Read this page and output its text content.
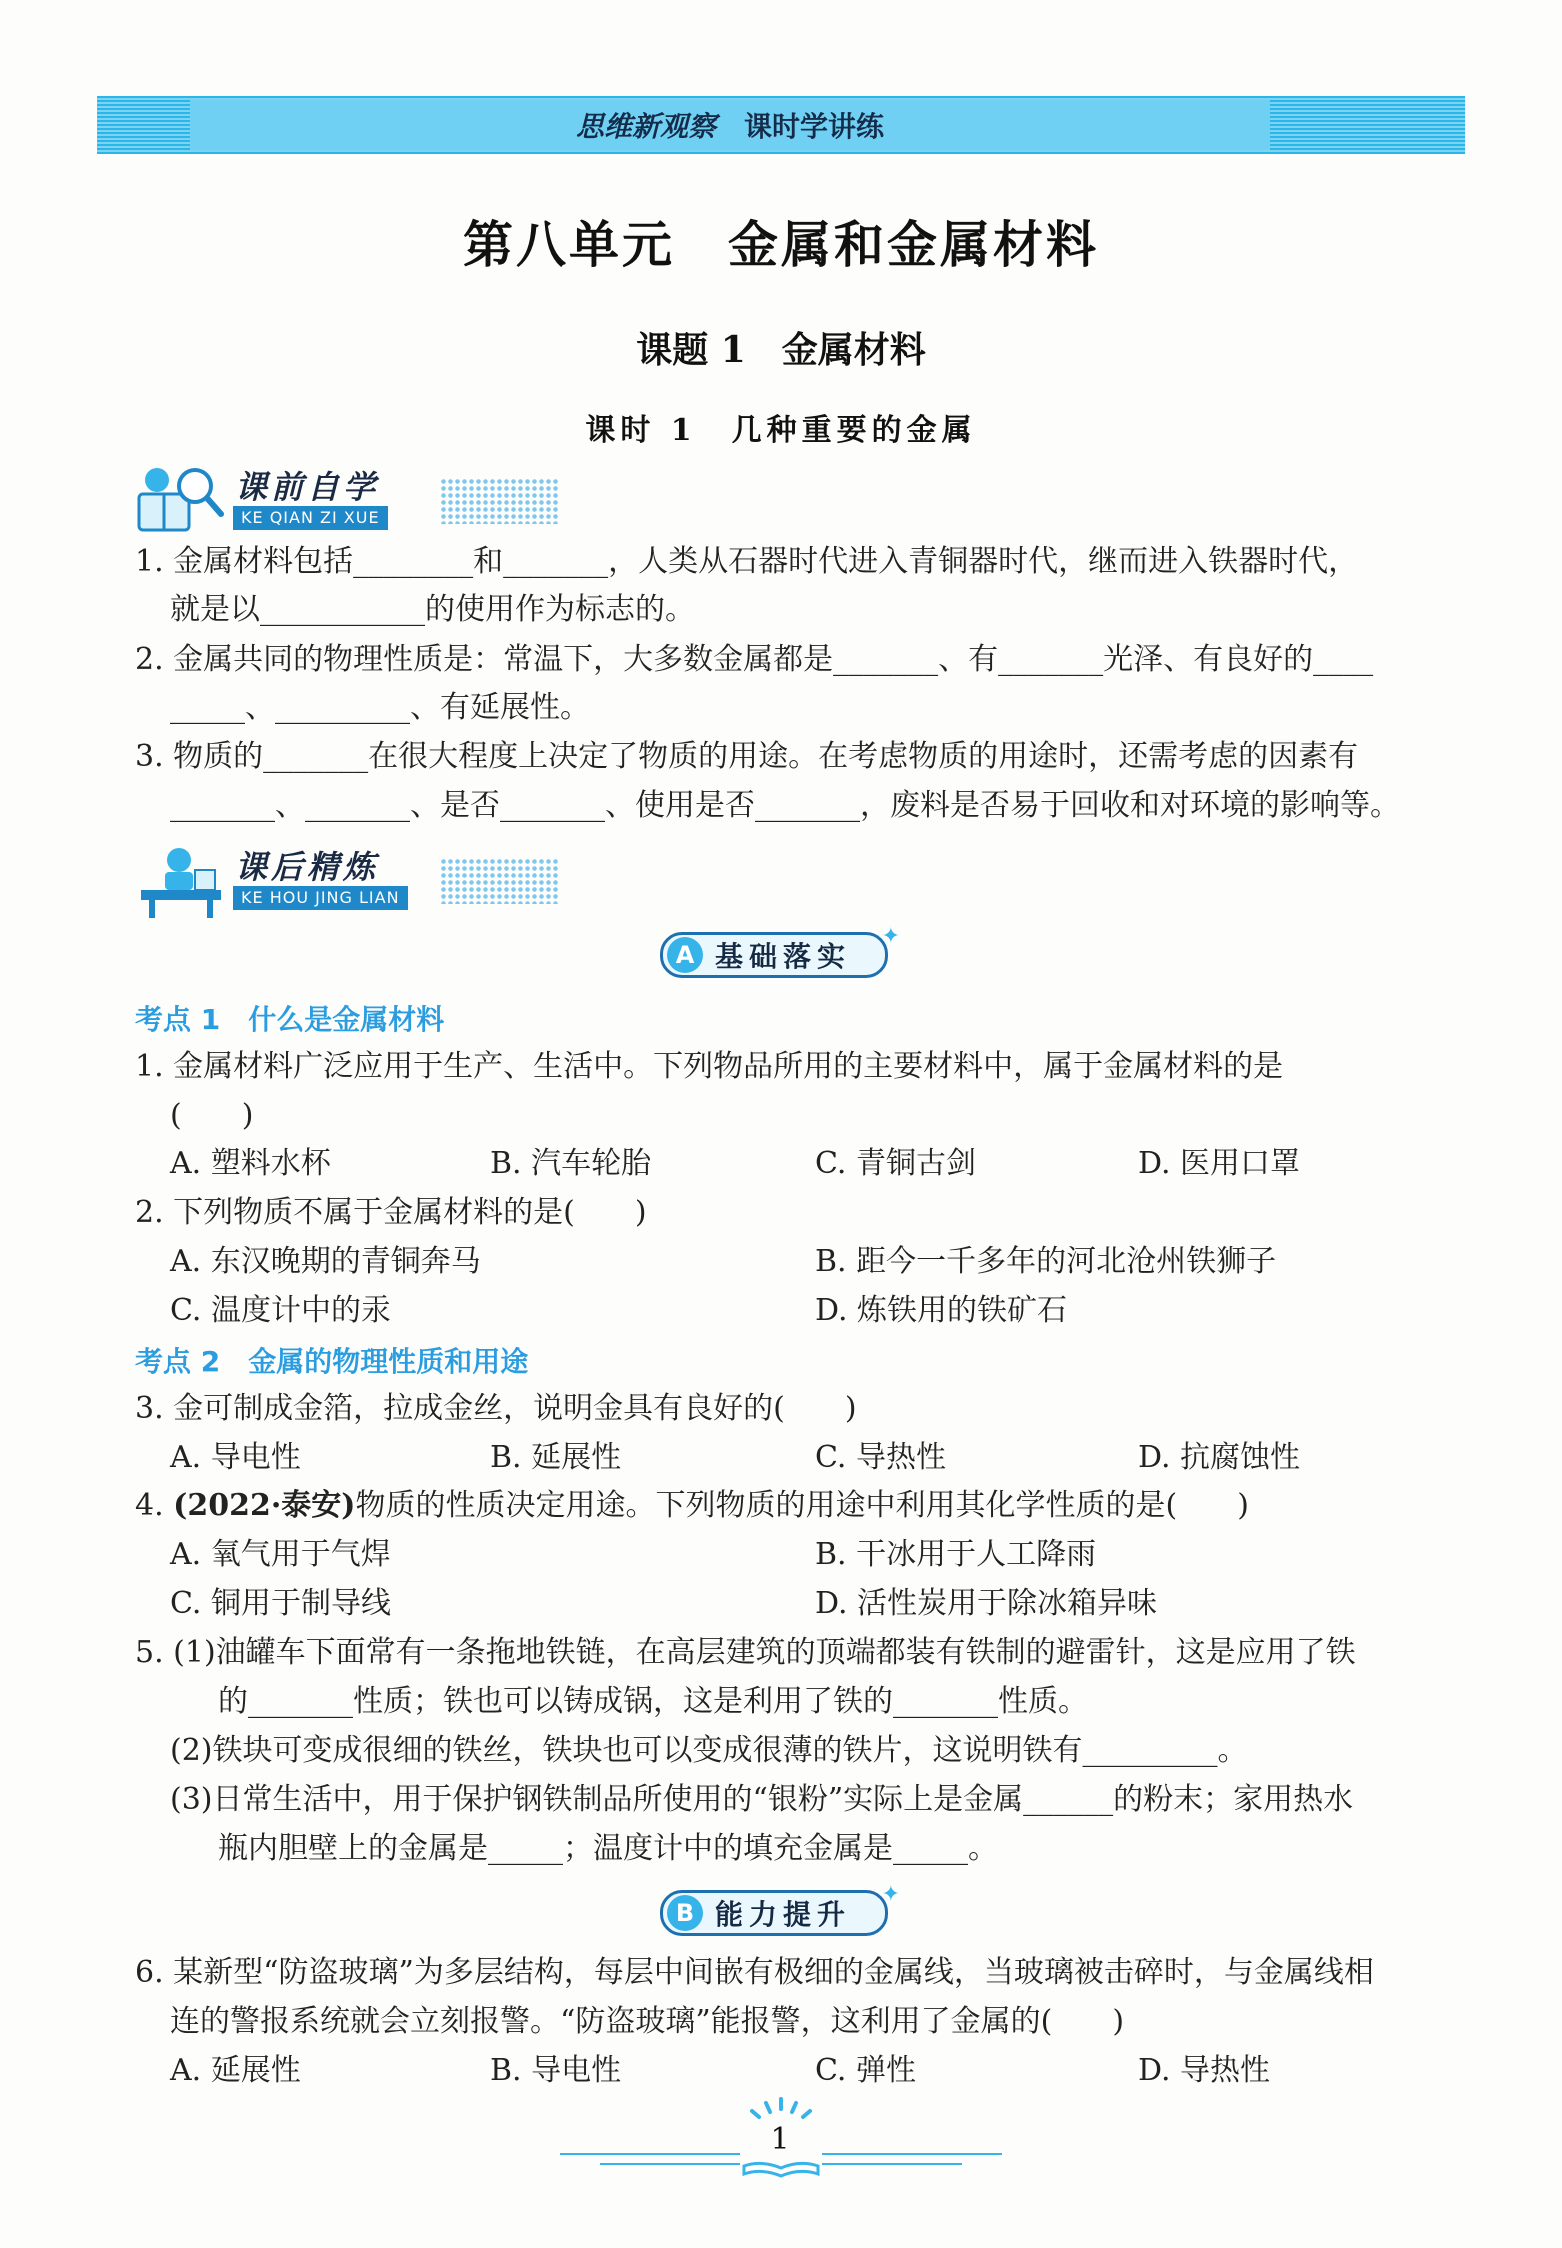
思维新观察 课时学讲练
第八单元　金属和金属材料
课题 1　金属材料
课时 1　几种重要的金属
课前自学
KE QIAN ZI XUE
1. 金属材料包括________和_______，人类从石器时代进入青铜器时代，继而进入铁器时代，
就是以___________的使用作为标志的。
2. 金属共同的物理性质是：常温下，大多数金属都是_______、有_______光泽、有良好的____
_____、_________、有延展性。
3. 物质的_______在很大程度上决定了物质的用途。在考虑物质的用途时，还需考虑的因素有
_______、_______、是否_______、使用是否_______，废料是否易于回收和对环境的影响等。
课后精炼
KE HOU JING LIAN
A 基础落实
✦
考点 1　什么是金属材料
1. 金属材料广泛应用于生产、生活中。下列物品所用的主要材料中，属于金属材料的是
(　　)
A. 塑料水杯	B. 汽车轮胎	C. 青铜古剑	D. 医用口罩
2. 下列物质不属于金属材料的是(　　)
A. 东汉晚期的青铜奔马	B. 距今一千多年的河北沧州铁狮子
C. 温度计中的汞	D. 炼铁用的铁矿石
考点 2　金属的物理性质和用途
3. 金可制成金箔，拉成金丝，说明金具有良好的(　　)
A. 导电性	B. 延展性	C. 导热性	D. 抗腐蚀性
4. (2022·泰安)物质的性质决定用途。下列物质的用途中利用其化学性质的是(　　)
A. 氧气用于气焊	B. 干冰用于人工降雨
C. 铜用于制导线	D. 活性炭用于除冰箱异味
5. (1)油罐车下面常有一条拖地铁链，在高层建筑的顶端都装有铁制的避雷针，这是应用了铁
的_______性质；铁也可以铸成锅，这是利用了铁的_______性质。
(2)铁块可变成很细的铁丝，铁块也可以变成很薄的铁片，这说明铁有_________。
(3)日常生活中，用于保护钢铁制品所使用的“银粉”实际上是金属______的粉末；家用热水
瓶内胆壁上的金属是_____；温度计中的填充金属是_____。
B 能力提升
✦
6. 某新型“防盗玻璃”为多层结构，每层中间嵌有极细的金属线，当玻璃被击碎时，与金属线相
连的警报系统就会立刻报警。“防盗玻璃”能报警，这利用了金属的(　　)
A. 延展性	B. 导电性	C. 弹性	D. 导热性
1
